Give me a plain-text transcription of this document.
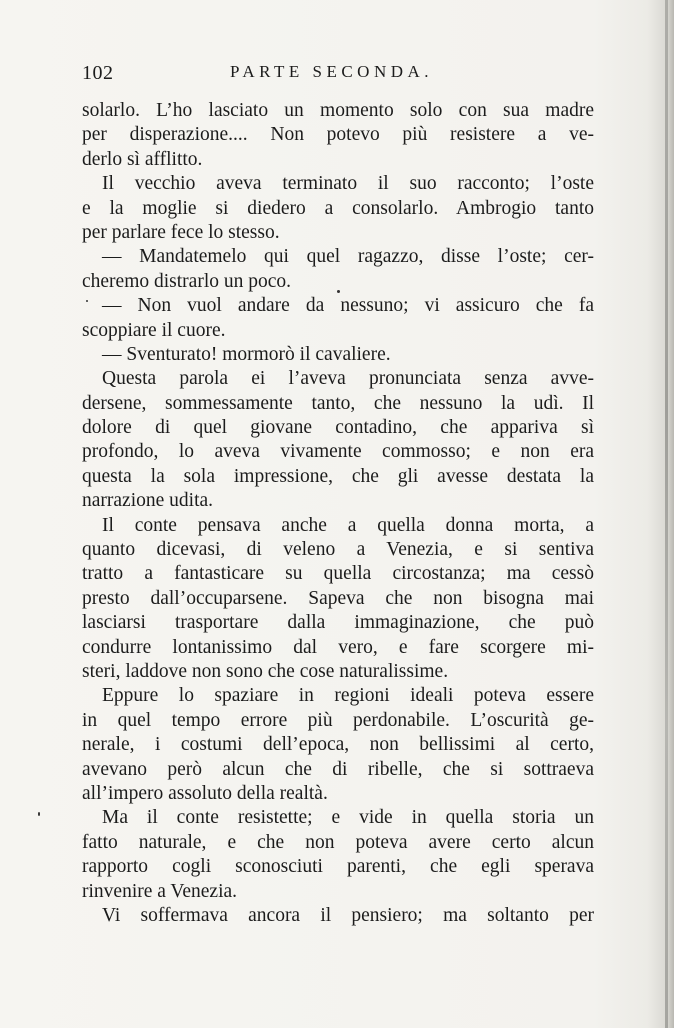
102	PARTE SECONDA.
solarlo. L’ho lasciato un momento solo con sua madre
per disperazione.... Non potevo più resistere a ve-
derlo sì afflitto.
Il vecchio aveva terminato il suo racconto; l’oste
e la moglie si diedero a consolarlo. Ambrogio tanto
per parlare fece lo stesso.
— Mandatemelo qui quel ragazzo, disse l’oste; cer-
cheremo distrarlo un poco.
— Non vuol andare da nessuno; vi assicuro che fa
scoppiare il cuore.
— Sventurato! mormorò il cavaliere.
Questa parola ei l’aveva pronunciata senza avve-
dersene, sommessamente tanto, che nessuno la udì. Il
dolore di quel giovane contadino, che appariva sì
profondo, lo aveva vivamente commosso; e non era
questa la sola impressione, che gli avesse destata la
narrazione udita.
Il conte pensava anche a quella donna morta, a
quanto dicevasi, di veleno a Venezia, e si sentiva
tratto a fantasticare su quella circostanza; ma cessò
presto dall’occuparsene. Sapeva che non bisogna mai
lasciarsi trasportare dalla immaginazione, che può
condurre lontanissimo dal vero, e fare scorgere mi-
steri, laddove non sono che cose naturalissime.
Eppure lo spaziare in regioni ideali poteva essere
in quel tempo errore più perdonabile. L’oscurità ge-
nerale, i costumi dell’epoca, non bellissimi al certo,
avevano però alcun che di ribelle, che si sottraeva
all’impero assoluto della realtà.
Ma il conte resistette; e vide in quella storia un
fatto naturale, e che non poteva avere certo alcun
rapporto cogli sconosciuti parenti, che egli sperava
rinvenire a Venezia.
Vi soffermava ancora il pensiero; ma soltanto per
